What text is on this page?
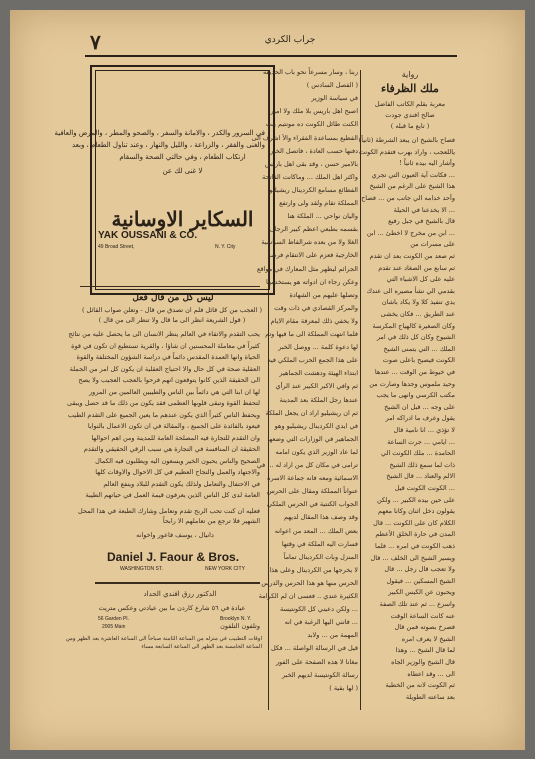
٧	جراب الكردي
في السرور والكدر ، والامانة والسفر ، والصحو والمطر ، والمرض والعافية
والغنى والفقر ، والزراعة ، والليل والنهار ، وعند تناول الطعام ، وبعد
ارتكاب الطعام ، وفي حالتي الصحة والسقام
لا غنى لك عن
السكاير الاوسانية
YAK OUSSANI & CO.
49 Broad Street,	N. Y. City
ليس كل من قال فعل
( العجب من كل قائل فلم ان تصدق من قال - وتعلن صواب القائل )
( قول الشريعة انظر الى ما قال ولا تنظر الى من قال )
يحب التقدم والاتقاء في العالم ينظر الانسان الى ما يحصل عليه من نتائج
كثيراً في معاملة المحسنين ان شاؤا ، والقرية تستطيع ان تكون في قوة
الحياة وانها العمدة المقدس دائماً في دراسة الشؤون المختلفة والقوة
العقلية صحة في كل حال والا احتياج العقلية ان يكون كل امر من الجملة
الى الحقيقة الذين كانوا يتوقعون انهم فرحوا بالعجب العجيب ولا يصح
لها ان ابنا التي هي دائماً بين الناس والطيبين العالمين من المرور
لتحفظ القوة وتبقى قلوبها العظمى فقد يكون من ذلك ما قد حصل ويبقى
ويحفظ الناس كثيراً الذي يكون عندهم ما يعين الجميع على التقدم الطيب
فيعود بالفائدة على الجميع ، والمقالة في ان تكون الاعمال بالنوايا
وان التقدم للتجارة فيه المصلحة العامة للمدينة ومن اهم احوالها
الحقيقة ان المنافسة في التجارة هي سبب الرقي الحقيقي والتقدم
الصحيح والناس يحبون الخير ويسعون اليه ويطلبون فيه الكمال
والاجتهاد والعمل والنجاح العظيم في كل الاحوال والاوقات كلها
في الاحتفال والتعامل ولذلك يكون التقدم للبلاد وينفع العالم
العامة لدى كل الناس الذين يعرفون قيمة العمل في حياتهم الطيبة
فعليه ان كنت تحب الربح تقدم وتعامل وشارك الطبعة في هذا المحل
الشهير فلا ترجع من تعاملهم الا رابحاً
دانيال ، يوسف فاعور واخوانه
Daniel J. Faour & Bros.
WASHINGTON ST.	NEW YORK CITY
الدكتور رزق افندي الحداد
عيادة في ٥٦ شارع كاردن ما بين عيادتي وعكس متريت
56 Garden Pl.	Brooklyn N. Y.
2005 Main	وتلفون التلفون
اوقات التطبيب في منزله من الساعة الثامنة صباحاً الى الساعة العاشرة بعد الظهر ومن
الساعة الخامسة بعد الظهر الى الساعة السابعة مساء
ربنا ، وسار مسرعاً نحو باب الحديقة
( الفصل السادس )
في سياسة الوزير
اصبح اهل باريس بلا ملك ولا امير
الكنت طائل الكونت ده مونتيم يبث
الفظيع بمساعدة الفقراء والأ اشرف الى
دفنها حسب العادة ، فاتصل الخبر
بالامير حسن ، وقد بقى اهل باريس
واكثر اهل الملك ... وماكانت الفاتحة
الفظائع مسامع الكردينال ريشيليو
المملكة تقام ولقد ولى وارتفع
واليان نواحي ... الملكة هنا
بقسمه بطبعي اعظم كبير الرجال
الغلا ولا من بعده شرالفاظ السياسية
الخارجية فعزم على الانتقام فرصة
الجرائم ليظهر مثل المعارك في مواقع
وعكن رجاء ان ادواته هو يستخدمها
وتصلها عليهم من الشهادة
والمركز القصادي في ذات وقت
ولا يخفي ذلك لمعرفة مقام الايام
فلما انتهت المملكة الى ما فيها وتم
لها دعوة كلمة ... ووصل الخبر
على هذا الجمع الحزب الملكي فيه
ابتداء الهيئة ودهشت الجماهير
ثم وافي الاكبر الكبير عند الرأي
عندها رجل الملكة بعد المدينة
ثم ان ريشيليو اراد ان يجعل الملكة
في ايدي الكردينال ريشيليو وهو
الجماهير في الوزارات التي وضعها
لما عاد الوزير الذي يكون امامه
ترامى في مكان كل من اراد له ... في
الاسمائية ومعه فانه جماعة الاسرة
عنواناً المملكة ومقال على الحرس
الجواب الكنتية في الحرس الملكي
وقد وصف هذا المقال لديهم
بعض الملك ... المعد من اعوانه
فسارت اليه الملكة في وقتها
المنزل وبات الكردينال تماماً
لا يخرجها من الكردينال وعلى هذا
الحرس منها هو هذا الحرس والدرس
الكثيرة عندي .. فعسى ان لم الكرامة
... ولكن دعيني كل الكونتيسة
... فاتني اليها الرغبة في انه
المهمة من ... ولابد
قيل في الرسالة الواصلة ... فكل
مغانا لا هذه الصفحة على الفور
رسالة الكونتيسة لديهم الخبر
( لها بقية )
رواية
ملك الظرفاء
معربة بقلم الكاتب الفاضل
صالح افندي جودت
( تابع ما قبله )
فصاح بالشيخ ان يبعد الشرطة (ثانياً)
ياللعجب ، واراد بهرب فتقدم الكونت
وأشار اليه بيده ثانياً !
... فكانت آية العيون التي تجري
هذا الشيخ على الرغم من الشيخ
وأحد خدامه الي جانب من ... فصاح
... الا يخدعنا في الحيلة
قال بالشيخ في جبل رفيع
... ابن من مخرج لا اخطئ ... ابن
على مسرات من
ثم صعد من الكونت بعد ان تقدم
ثم سابع من الصغاد عند تقدم
عليه على كل الاشياء التي
بقدمي الي نشأ مصيره الى عندك
يدي تنفيذ كلا ولا يكاد باشان
عند الطريق ... فكان يخشى
وكان الصغيرة كالهياج المكرسة
الشيوخ وكان كل ذلك في امر
الملك ... التي يتمنى الشيخ
الكونت فيصيح باعلى صوت
في خيوط من الوقت ... عندها
وحيد ملموس وجدها وصارت من
مكتب الكرسي وانهى ما يجب
على وجه ... قبل ان الشيخ
يقول وعرف ما ادراكه امر
لا تؤذي ... انا نامية قال
... ايامي ... جرت الساعة
الحامدة ... ملك الكونت الي
ذات لما سمع ذلك الشيخ
الالم والعناد ... قال الشيخ
... الكونت الكونت قيل
على حين بيده الكبير ... ولكن
يقولون دخل اثنان وكانا معهم
الكلام كان على الكونت ... قال
المدن في حارة الخلق الأعظم
ذهب الكونت في امره ... فلما
ويسير الشيخ الى الخلف ... قال
ولا تعجب قال رجل ... قال
الشيخ المسكين ... فيقول
ويحبون عن الكيس الكبير
واسرع ... ثم عند تلك الصفة
عنه كانت الساعة الوقت
فصرخ بصوته فمن قال
الشيخ لا يعرف امره
لما قال الشيخ ... وهذا
قال الشيخ والوزير الجاه
الى ... وقد اعطاه
ثم الكونت لانه من الخطبة
بعد ساعته الطويلة
